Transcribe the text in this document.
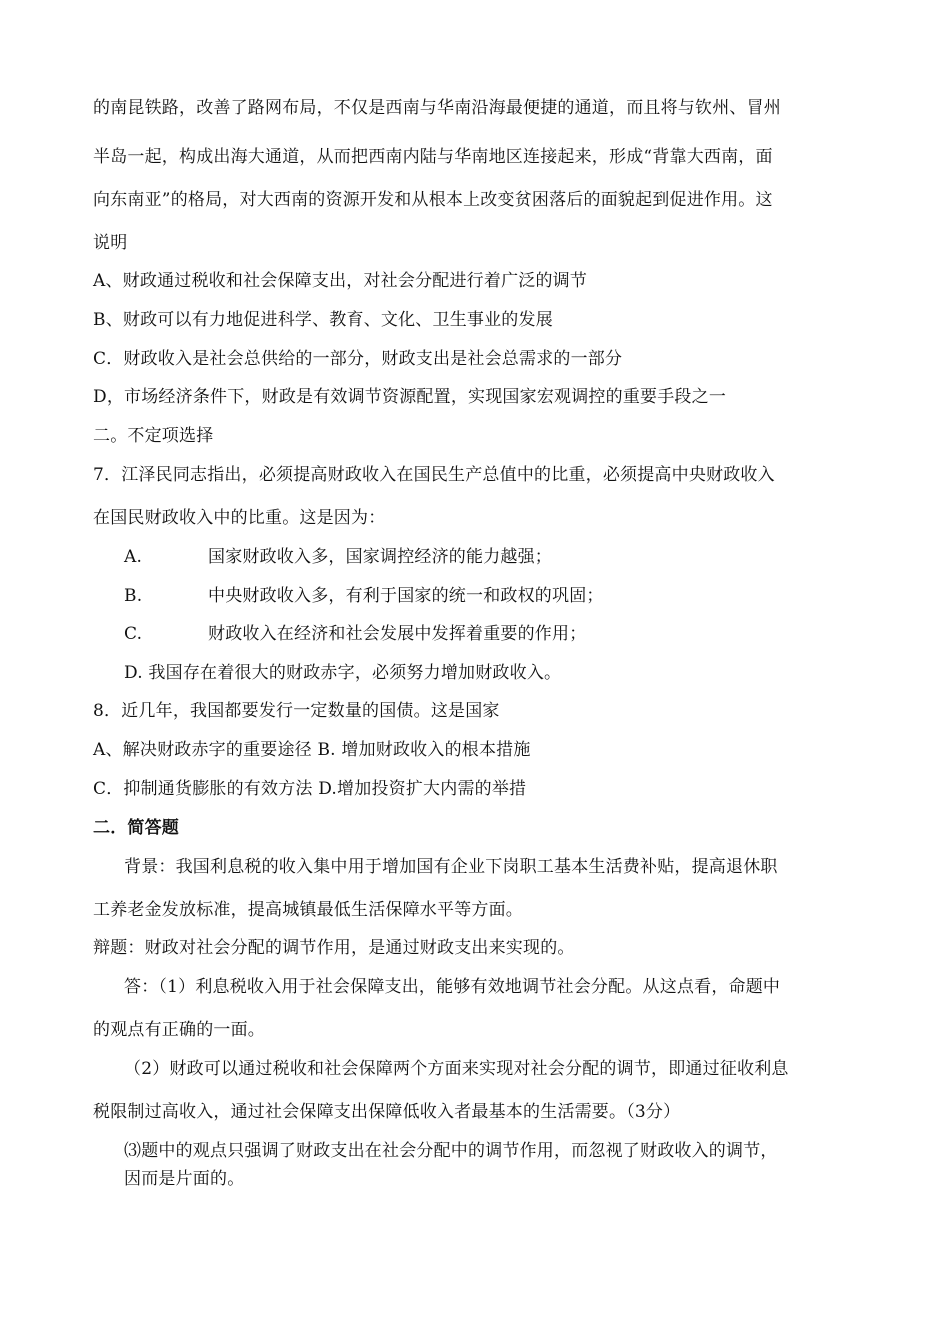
的南昆铁路，改善了路网布局，不仅是西南与华南沿海最便捷的通道，而且将与钦州、冒州
半岛一起，构成出海大通道，从而把西南内陆与华南地区连接起来，形成“背靠大西南，面
向东南亚”的格局，对大西南的资源开发和从根本上改变贫困落后的面貌起到促进作用。这
说明
A、财政通过税收和社会保障支出，对社会分配进行着广泛的调节
B、财政可以有力地促进科学、教育、文化、卫生事业的发展
C．财政收入是社会总供给的一部分，财政支出是社会总需求的一部分
D，市场经济条件下，财政是有效调节资源配置，实现国家宏观调控的重要手段之一
二。不定项选择
7．江泽民同志指出，必须提高财政收入在国民生产总值中的比重，必须提高中央财政收入
在国民财政收入中的比重。这是因为：
A.	国家财政收入多，国家调控经济的能力越强；
B.	中央财政收入多，有利于国家的统一和政权的巩固；
C.	财政收入在经济和社会发展中发挥着重要的作用；
D. 我国存在着很大的财政赤字，必须努力增加财政收入。
8．近几年，我国都要发行一定数量的国债。这是国家
A、解决财政赤字的重要途径 B. 增加财政收入的根本措施
C．抑制通货膨胀的有效方法 D.增加投资扩大内需的举措
二．简答题
背景：我国利息税的收入集中用于增加国有企业下岗职工基本生活费补贴，提高退休职
工养老金发放标准，提高城镇最低生活保障水平等方面。
辩题：财政对社会分配的调节作用，是通过财政支出来实现的。
答：（1）利息税收入用于社会保障支出，能够有效地调节社会分配。从这点看，命题中
的观点有正确的一面。
（2）财政可以通过税收和社会保障两个方面来实现对社会分配的调节，即通过征收利息
税限制过高收入，通过社会保障支出保障低收入者最基本的生活需要。（3分）
⑶题中的观点只强调了财政支出在社会分配中的调节作用，而忽视了财政收入的调节，
因而是片面的。
